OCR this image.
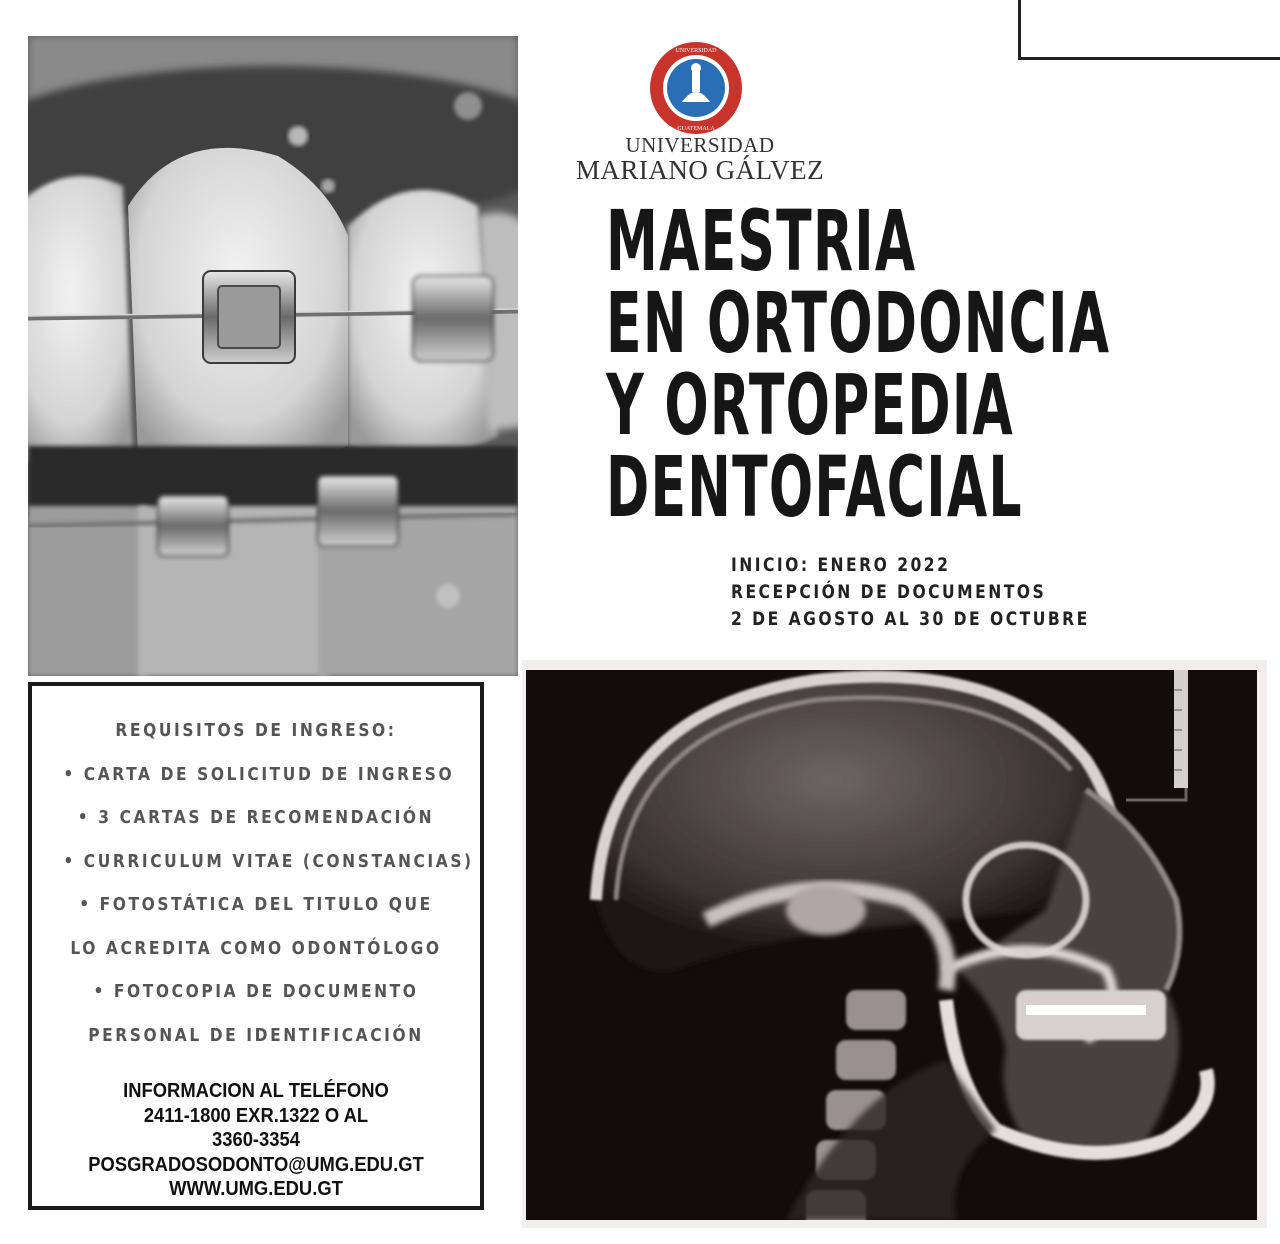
UNIVERSIDAD
GUATEMALA
UNIVERSIDAD
MARIANO GÁLVEZ
MAESTRIA
EN ORTODONCIA
Y ORTOPEDIA
DENTOFACIAL
INICIO: ENERO 2022
RECEPCIÓN DE DOCUMENTOS
2 DE AGOSTO AL 30 DE OCTUBRE
REQUISITOS DE INGRESO:
• CARTA DE SOLICITUD DE INGRESO
• 3 CARTAS DE RECOMENDACIÓN
• CURRICULUM VITAE (CONSTANCIAS)
• FOTOSTÁTICA DEL TITULO QUE
LO ACREDITA COMO ODONTÓLOGO
• FOTOCOPIA DE DOCUMENTO
PERSONAL DE IDENTIFICACIÓN
INFORMACION AL TELÉFONO
2411-1800 EXR.1322 O AL
3360-3354
POSGRADOSODONTO@UMG.EDU.GT
WWW.UMG.EDU.GT
